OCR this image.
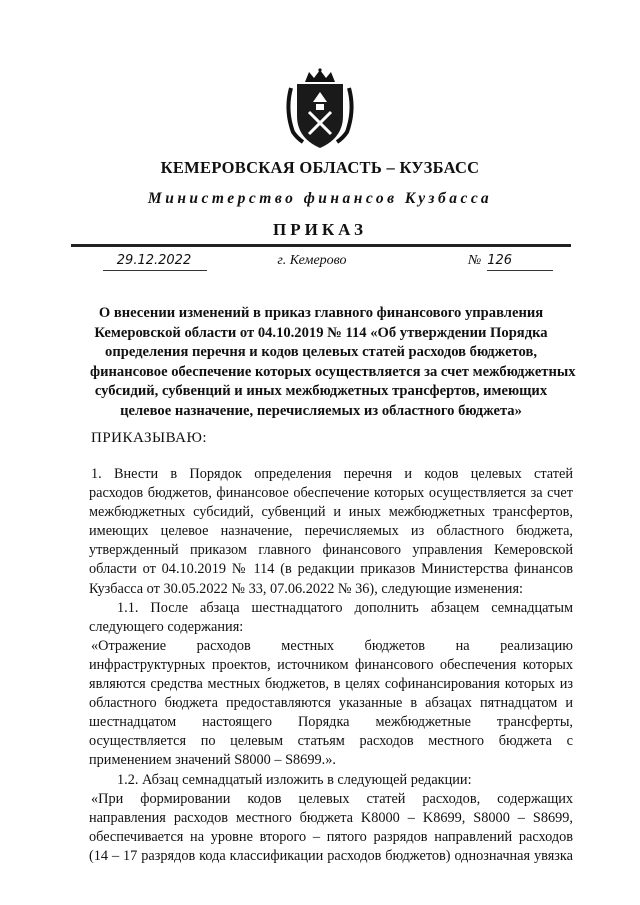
КЕМЕРОВСКАЯ ОБЛАСТЬ – КУЗБАСС
Министерство финансов Кузбасса
ПРИКАЗ
29.12.2022	г. Кемерово	№ 126
О внесении изменений в приказ главного финансового управления
Кемеровской области от 04.10.2019 № 114 «Об утверждении Порядка
определения перечня и кодов целевых статей расходов бюджетов,
финансовое обеспечение которых осуществляется за счет межбюджетных
субсидий, субвенций и иных межбюджетных трансфертов, имеющих
целевое назначение, перечисляемых из областного бюджета»
ПРИКАЗЫВАЮ:
1. Внести в Порядок определения перечня и кодов целевых статей
расходов бюджетов, финансовое обеспечение которых осуществляется за счет
межбюджетных субсидий, субвенций и иных межбюджетных трансфертов,
имеющих целевое назначение, перечисляемых из областного бюджета,
утвержденный приказом главного финансового управления Кемеровской
области от 04.10.2019 № 114 (в редакции приказов Министерства финансов
Кузбасса от 30.05.2022 № 33, 07.06.2022 № 36), следующие изменения:
1.1. После абзаца шестнадцатого дополнить абзацем семнадцатым
следующего содержания:
«Отражение расходов местных бюджетов на реализацию
инфраструктурных проектов, источником финансового обеспечения которых
являются средства местных бюджетов, в целях софинансирования которых из
областного бюджета предоставляются указанные в абзацах пятнадцатом и
шестнадцатом настоящего Порядка межбюджетные трансферты,
осуществляется по целевым статьям расходов местного бюджета с
применением значений S8000 – S8699.».
1.2. Абзац семнадцатый изложить в следующей редакции:
«При формировании кодов целевых статей расходов, содержащих
направления расходов местного бюджета K8000 – K8699, S8000 – S8699,
обеспечивается на уровне второго – пятого разрядов направлений расходов
(14 – 17 разрядов кода классификации расходов бюджетов) однозначная увязка
